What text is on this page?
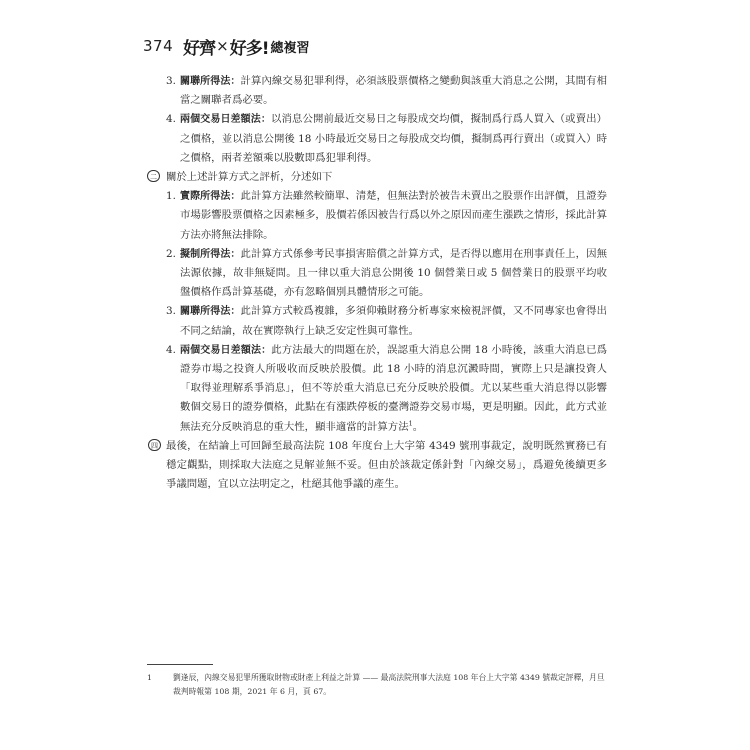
374 好齊 × 好多! 總複習
3. 關聯所得法：計算內線交易犯罪利得，必須該股票價格之變動與該重大消息之公開，其間有相當之關聯者爲必要。
4. 兩個交易日差額法：以消息公開前最近交易日之每股成交均價，擬制爲行爲人買入（或賣出）之價格，並以消息公開後 18 小時最近交易日之每股成交均價，擬制爲再行賣出（或買入）時之價格，兩者差額乘以股數即爲犯罪利得。
二 關於上述計算方式之評析，分述如下
1. 實際所得法：此計算方法雖然較簡單、清楚，但無法對於被告未賣出之股票作出評價，且證券市場影響股票價格之因素極多，股價若係因被告行爲以外之原因而產生漲跌之情形，採此計算方法亦將無法排除。
2. 擬制所得法：此計算方式係參考民事損害賠償之計算方式，是否得以應用在刑事責任上，因無法源依據，故非無疑問。且一律以重大消息公開後 10 個營業日或 5 個營業日的股票平均收盤價格作爲計算基礎，亦有忽略個別具體情形之可能。
3. 關聯所得法：此計算方式較爲複雜，多須仰賴財務分析專家來檢視評價，又不同專家也會得出不同之結論，故在實際執行上缺乏安定性與可靠性。
4. 兩個交易日差額法：此方法最大的問題在於，誤認重大消息公開 18 小時後，該重大消息已爲證券市場之投資人所吸收而反映於股價。此 18 小時的消息沉澱時間，實際上只是讓投資人「取得並理解系爭消息」，但不等於重大消息已充分反映於股價。尤以某些重大消息得以影響數個交易日的證券價格，此點在有漲跌停板的臺灣證券交易市場，更是明顯。因此，此方式並無法充分反映消息的重大性，顯非適當的計算方法$^1$。
四 最後，在結論上可回歸至最高法院 108 年度台上大字第 4349 號刑事裁定，說明既然實務已有穩定觀點，則採取大法庭之見解並無不妥。但由於該裁定係針對「內線交易」，爲避免後續更多爭議問題，宜以立法明定之，杜絕其他爭議的產生。
1	劉逢辰，內線交易犯罪所獲取財物或財產上利益之計算 —— 最高法院刑事大法庭 108 年台上大字第 4349 號裁定評釋，月旦裁判時報第 108 期，2021 年 6 月，頁 67。
